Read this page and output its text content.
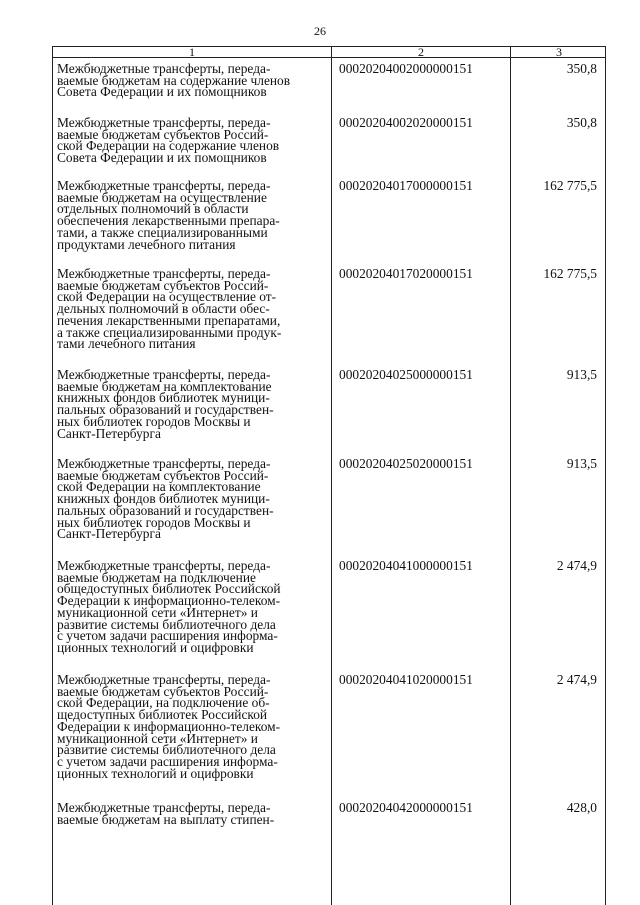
26
1	2	3
Межбюджетные трансферты, переда-
ваемые бюджетам на содержание членов
Совета Федерации и их помощников
00020204002000000151	350,8
Межбюджетные трансферты, переда-
ваемые бюджетам субъектов Россий-
ской Федерации на содержание членов
Совета Федерации и их помощников
00020204002020000151	350,8
Межбюджетные трансферты, переда-
ваемые бюджетам на осуществление
отдельных полномочий в области
обеспечения лекарственными препара-
тами, а также специализированными
продуктами лечебного питания
00020204017000000151	162 775,5
Межбюджетные трансферты, переда-
ваемые бюджетам субъектов Россий-
ской Федерации на осуществление от-
дельных полномочий в области обес-
печения лекарственными препаратами,
а также специализированными продук-
тами лечебного питания
00020204017020000151	162 775,5
Межбюджетные трансферты, переда-
ваемые бюджетам на комплектование
книжных фондов библиотек муници-
пальных образований и государствен-
ных библиотек городов Москвы и
Санкт-Петербурга
00020204025000000151	913,5
Межбюджетные трансферты, переда-
ваемые бюджетам субъектов Россий-
ской Федерации на комплектование
книжных фондов библиотек муници-
пальных образований и государствен-
ных библиотек городов Москвы и
Санкт-Петербурга
00020204025020000151	913,5
Межбюджетные трансферты, переда-
ваемые бюджетам на подключение
общедоступных библиотек Российской
Федерации к информационно-телеком-
муникационной сети «Интернет» и
развитие системы библиотечного дела
с учетом задачи расширения информа-
ционных технологий и оцифровки
00020204041000000151	2 474,9
Межбюджетные трансферты, переда-
ваемые бюджетам субъектов Россий-
ской Федерации, на подключение об-
щедоступных библиотек Российской
Федерации к информационно-телеком-
муникационной сети «Интернет» и
развитие системы библиотечного дела
с учетом задачи расширения информа-
ционных технологий и оцифровки
00020204041020000151	2 474,9
Межбюджетные трансферты, переда-
ваемые бюджетам на выплату стипен-
00020204042000000151	428,0
